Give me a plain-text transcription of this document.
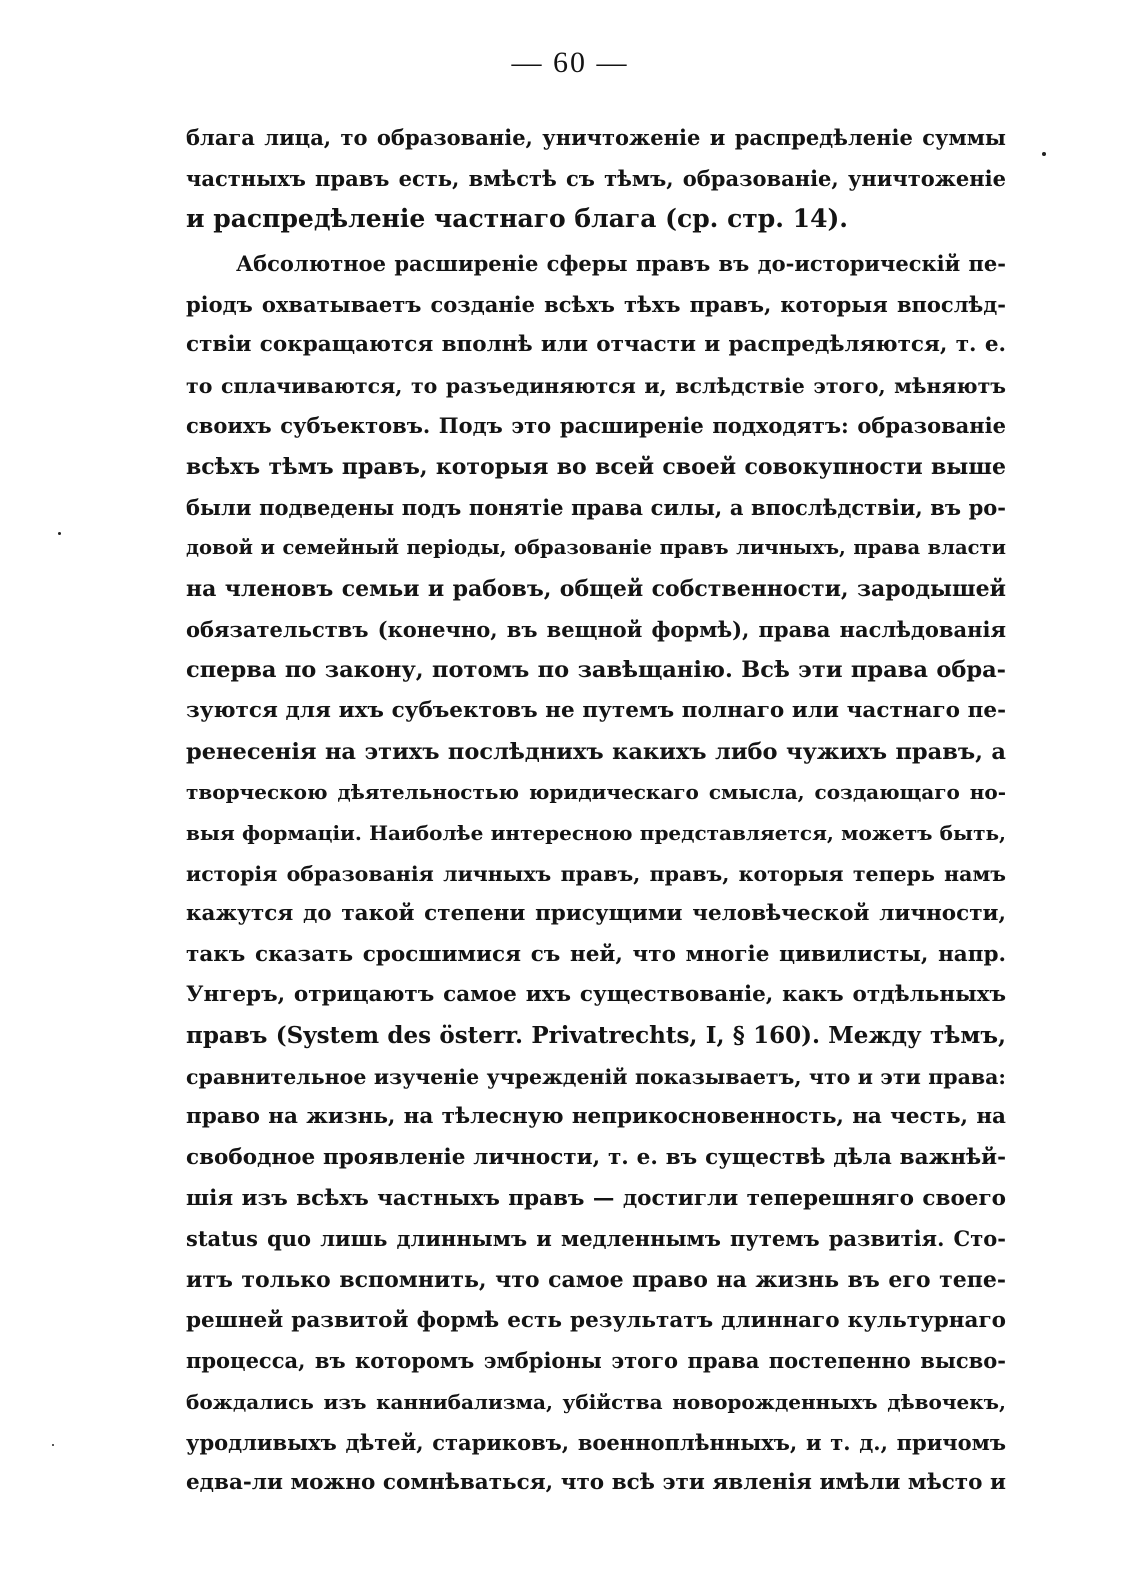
— 60 —
блага лица, то образованіе, уничтоженіе и распредѣленіе суммы
частныхъ правъ есть, вмѣстѣ съ тѣмъ, образованіе, уничтоженіе
и распредѣленіе частнаго блага (ср. стр. 14).
Абсолютное расширеніе сферы правъ въ до-историческій пе-
ріодъ охватываетъ созданіе всѣхъ тѣхъ правъ, которыя впослѣд-
ствіи сокращаются вполнѣ или отчасти и распредѣляются, т. е.
то сплачиваются, то разъединяются и, вслѣдствіе этого, мѣняютъ
своихъ субъектовъ. Подъ это расширеніе подходятъ: образованіе
всѣхъ тѣмъ правъ, которыя во всей своей совокупности выше
были подведены подъ понятіе права силы, а впослѣдствіи, въ ро-
довой и семейный періоды, образованіе правъ личныхъ, права власти
на членовъ семьи и рабовъ, общей собственности, зародышей
обязательствъ (конечно, въ вещной формѣ), права наслѣдованія
сперва по закону, потомъ по завѣщанію. Всѣ эти права обра-
зуются для ихъ субъектовъ не путемъ полнаго или частнаго пе-
ренесенія на этихъ послѣднихъ какихъ либо чужихъ правъ, а
творческою дѣятельностью юридическаго смысла, создающаго но-
выя формаціи. Наиболѣе интересною представляется, можетъ быть,
исторія образованія личныхъ правъ, правъ, которыя теперь намъ
кажутся до такой степени присущими человѣческой личности,
такъ сказать сросшимися съ ней, что многіе цивилисты, напр.
Унгеръ, отрицаютъ самое ихъ существованіе, какъ отдѣльныхъ
правъ (System des österr. Privatrechts, I, § 160). Между тѣмъ,
сравнительное изученіе учрежденій показываетъ, что и эти права:
право на жизнь, на тѣлесную неприкосновенность, на честь, на
свободное проявленіе личности, т. е. въ существѣ дѣла важнѣй-
шія изъ всѣхъ частныхъ правъ — достигли теперешняго своего
status quo лишь длиннымъ и медленнымъ путемъ развитія. Сто-
итъ только вспомнить, что самое право на жизнь въ его тепе-
решней развитой формѣ есть результатъ длиннаго культурнаго
процесса, въ которомъ эмбріоны этого права постепенно высво-
бождались изъ каннибализма, убійства новорожденныхъ дѣвочекъ,
уродливыхъ дѣтей, стариковъ, военноплѣнныхъ, и т. д., причомъ
едва-ли можно сомнѣваться, что всѣ эти явленія имѣли мѣсто и
